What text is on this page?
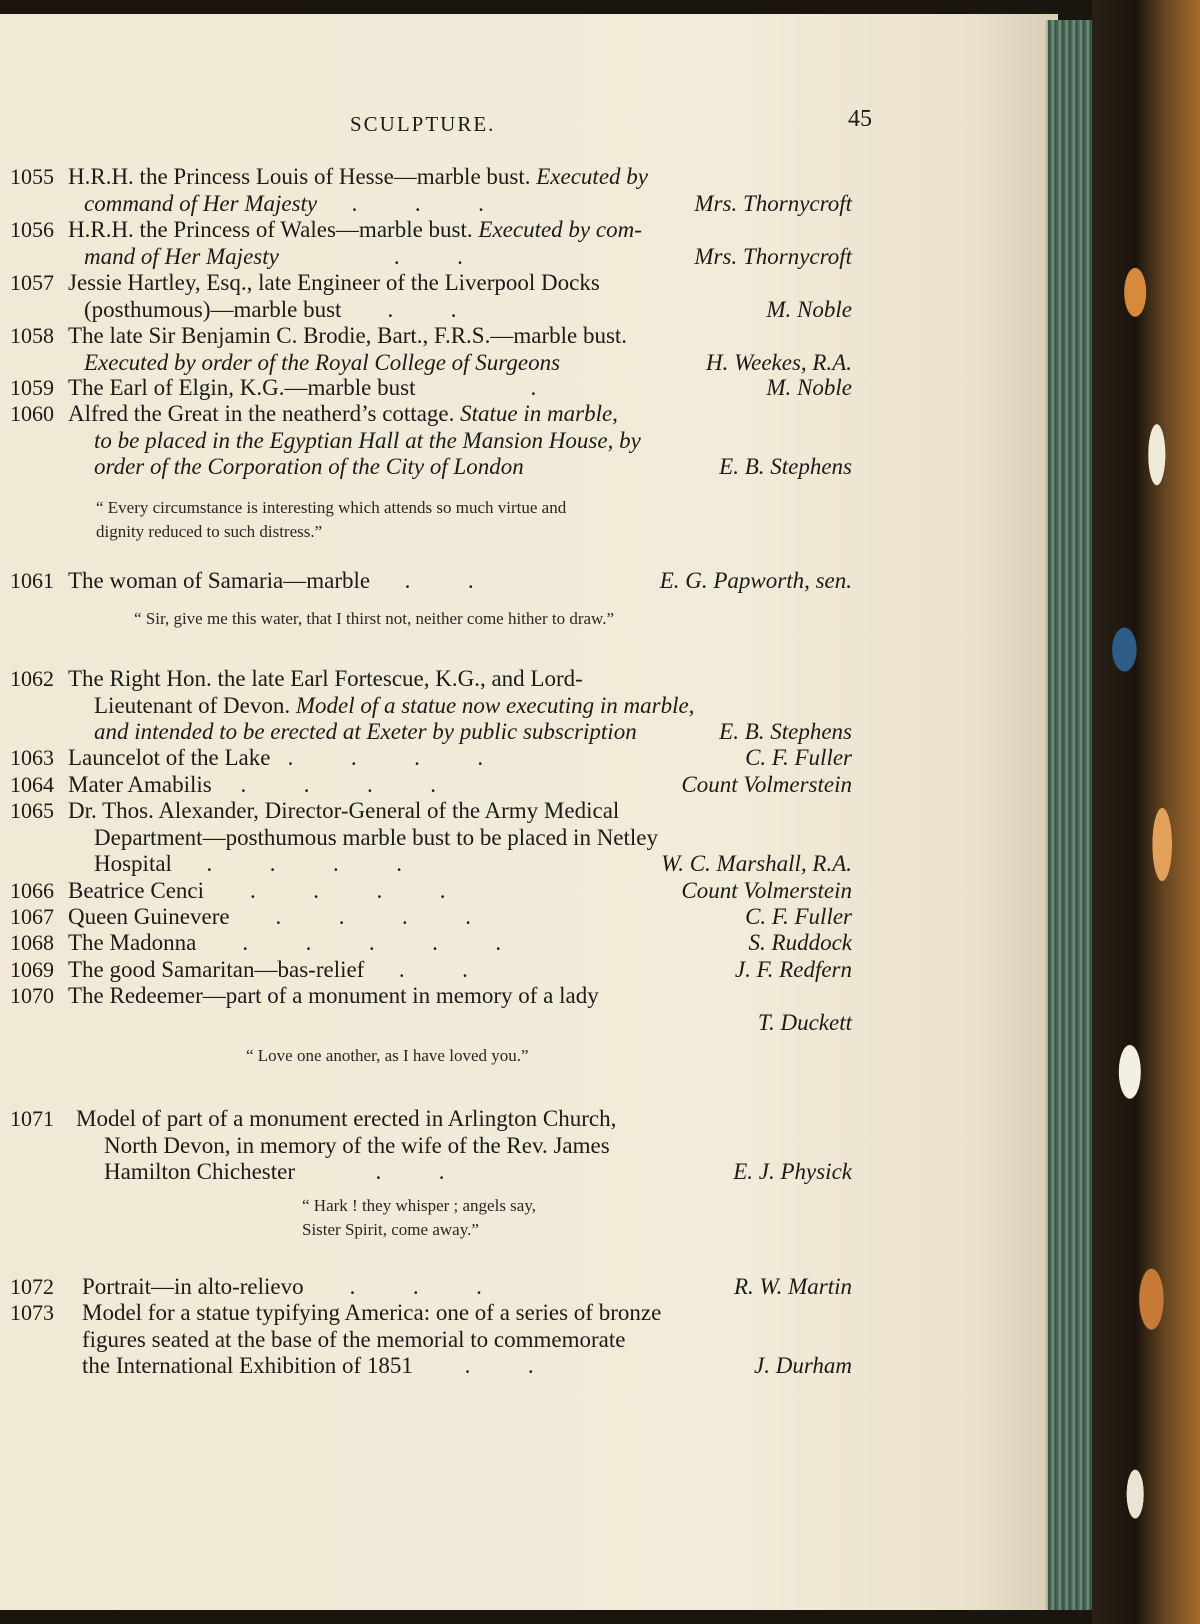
SCULPTURE.	45
1055 H.R.H. the Princess Louis of Hesse—marble bust. Executed by
command of Her Majesty      .          .          .	Mrs. Thornycroft
1056 H.R.H. the Princess of Wales—marble bust. Executed by com-
mand of Her Majesty                    .          .	Mrs. Thornycroft
1057 Jessie Hartley, Esq., late Engineer of the Liverpool Docks
(posthumous)—marble bust        .          .	M. Noble
1058 The late Sir Benjamin C. Brodie, Bart., F.R.S.—marble bust.
Executed by order of the Royal College of Surgeons	H. Weekes, R.A.
1059 The Earl of Elgin, K.G.—marble bust                    .	M. Noble
1060 Alfred the Great in the neatherd’s cottage. Statue in marble,
to be placed in the Egyptian Hall at the Mansion House, by
order of the Corporation of the City of London	E. B. Stephens
1061 The woman of Samaria—marble      .          .	E. G. Papworth, sen.
1062 The Right Hon. the late Earl Fortescue, K.G., and Lord-
Lieutenant of Devon. Model of a statue now executing in marble,
and intended to be erected at Exeter by public subscription	E. B. Stephens
1063 Launcelot of the Lake   .          .          .          .	C. F. Fuller
1064 Mater Amabilis     .          .          .          .	Count Volmerstein
1065 Dr. Thos. Alexander, Director-General of the Army Medical
Department—posthumous marble bust to be placed in Netley
Hospital      .          .          .          .	W. C. Marshall, R.A.
1066 Beatrice Cenci        .          .          .          .	Count Volmerstein
1067 Queen Guinevere        .          .          .          .	C. F. Fuller
1068 The Madonna        .          .          .          .          .	S. Ruddock
1069 The good Samaritan—bas-relief      .          .	J. F. Redfern
1070 The Redeemer—part of a monument in memory of a lady
T. Duckett
1071 Model of part of a monument erected in Arlington Church,
North Devon, in memory of the wife of the Rev. James
Hamilton Chichester              .          .	E. J. Physick
1072 Portrait—in alto-relievo        .          .          .	R. W. Martin
1073 Model for a statue typifying America: one of a series of bronze
figures seated at the base of the memorial to commemorate
the International Exhibition of 1851         .          .	J. Durham
“ Every circumstance is interesting which attends so much virtue and
dignity reduced to such distress.”
“ Sir, give me this water, that I thirst not, neither come hither to draw.”
“ Love one another, as I have loved you.”
“ Hark ! they whisper ; angels say,
Sister Spirit, come away.”
